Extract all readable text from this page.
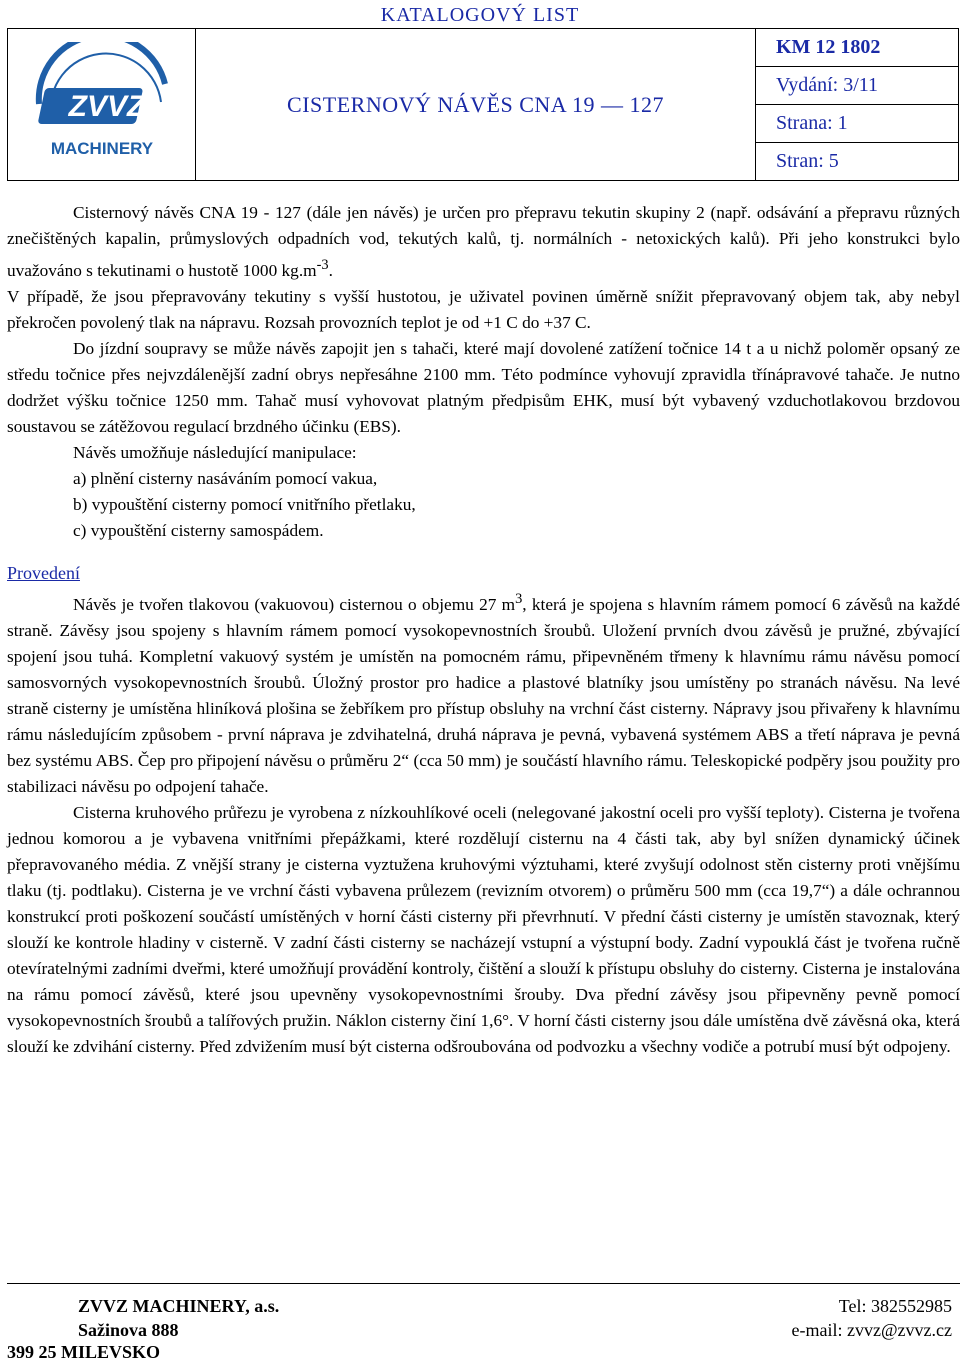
KATALOGOVÝ LIST
ZVVZ
MACHINERY
	CISTERNOVÝ NÁVĚS CNA 19 — 127	KM 12 1802
Vydání: 3/11
Strana: 1
Stran: 5

Cisternový návěs CNA 19 - 127 (dále jen návěs) je určen pro přepravu tekutin skupiny 2 (např. odsávání a přepravu různých znečištěných kapalin, průmyslových odpadních vod, tekutých kalů, tj. normálních - netoxických kalů). Při jeho konstrukci bylo uvažováno s tekutinami o hustotě 1000 $kg.m^{-3}$.

V případě, že jsou přepravovány tekutiny s vyšší hustotou, je uživatel povinen úměrně snížit přepravovaný objem tak, aby nebyl překročen povolený tlak na nápravu. Rozsah provozních teplot je od +1 C do +37 C.

Do jízdní soupravy se může návěs zapojit jen s tahači, které mají dovolené zatížení točnice 14 t a u nichž poloměr opsaný ze středu točnice přes nejvzdálenější zadní obrys nepřesáhne 2100 mm. Této podmínce vyhovují zpravidla třínápravové tahače. Je nutno dodržet výšku točnice 1250 mm. Tahač musí vyhovovat platným předpisům EHK, musí být vybavený vzduchotlakovou brzdovou soustavou se zátěžovou regulací brzdného účinku (EBS).

Návěs umožňuje následující manipulace:

a) plnění cisterny nasáváním pomocí vakua,

b) vypouštění cisterny pomocí vnitřního přetlaku,

c) vypouštění cisterny samospádem.

Provedení

Návěs je tvořen tlakovou (vakuovou) cisternou o objemu 27 $m^3$, která je spojena s hlavním rámem pomocí 6 závěsů na každé straně. Závěsy jsou spojeny s hlavním rámem pomocí vysokopevnostních šroubů. Uložení prvních dvou závěsů je pružné, zbývající spojení jsou tuhá. Kompletní vakuový systém je umístěn na pomocném rámu, připevněném třmeny k hlavnímu rámu návěsu pomocí samosvorných vysokopevnostních šroubů. Úložný prostor pro hadice a plastové blatníky jsou umístěny po stranách návěsu. Na levé straně cisterny je umístěna hliníková plošina se žebříkem pro přístup obsluhy na vrchní část cisterny. Nápravy jsou přivařeny k hlavnímu rámu následujícím způsobem - první náprava je zdvihatelná, druhá náprava je pevná, vybavená systémem ABS a třetí náprava je pevná bez systému ABS. Čep pro připojení návěsu o průměru 2“ (cca 50 mm) je součástí hlavního rámu. Teleskopické podpěry jsou použity pro stabilizaci návěsu po odpojení tahače.

Cisterna kruhového průřezu je vyrobena z nízkouhlíkové oceli (nelegované jakostní oceli pro vyšší teploty). Cisterna je tvořena jednou komorou a je vybavena vnitřními přepážkami, které rozdělují cisternu na 4 části tak, aby byl snížen dynamický účinek přepravovaného média. Z vnější strany je cisterna vyztužena kruhovými výztuhami, které zvyšují odolnost stěn cisterny proti vnějšímu tlaku (tj. podtlaku). Cisterna je ve vrchní části vybavena průlezem (revizním otvorem) o průměru 500 mm (cca 19,7“) a dále ochrannou konstrukcí proti poškození součástí umístěných v horní části cisterny při převrhnutí. V přední části cisterny je umístěn stavoznak, který slouží ke kontrole hladiny v cisterně. V zadní části cisterny se nacházejí vstupní a výstupní body. Zadní vypouklá část je tvořena ručně otevíratelnými zadními dveřmi, které umožňují provádění kontroly, čištění a slouží k přístupu obsluhy do cisterny. Cisterna je instalována na rámu pomocí závěsů, které jsou upevněny vysokopevnostními šrouby. Dva přední závěsy jsou připevněny pevně pomocí vysokopevnostních šroubů a talířových pružin. Náklon cisterny činí 1,6°. V horní části cisterny jsou dále umístěna dvě závěsná oka, která slouží ke zdvihání cisterny. Před zdvižením musí být cisterna odšroubována od podvozku a všechny vodiče a potrubí musí být odpojeny.

ZVVZ MACHINERY, a.s.	Tel: 382552985
Sažinova 888	e-mail: zvvz@zvvz.cz
399 25 MILEVSKO
